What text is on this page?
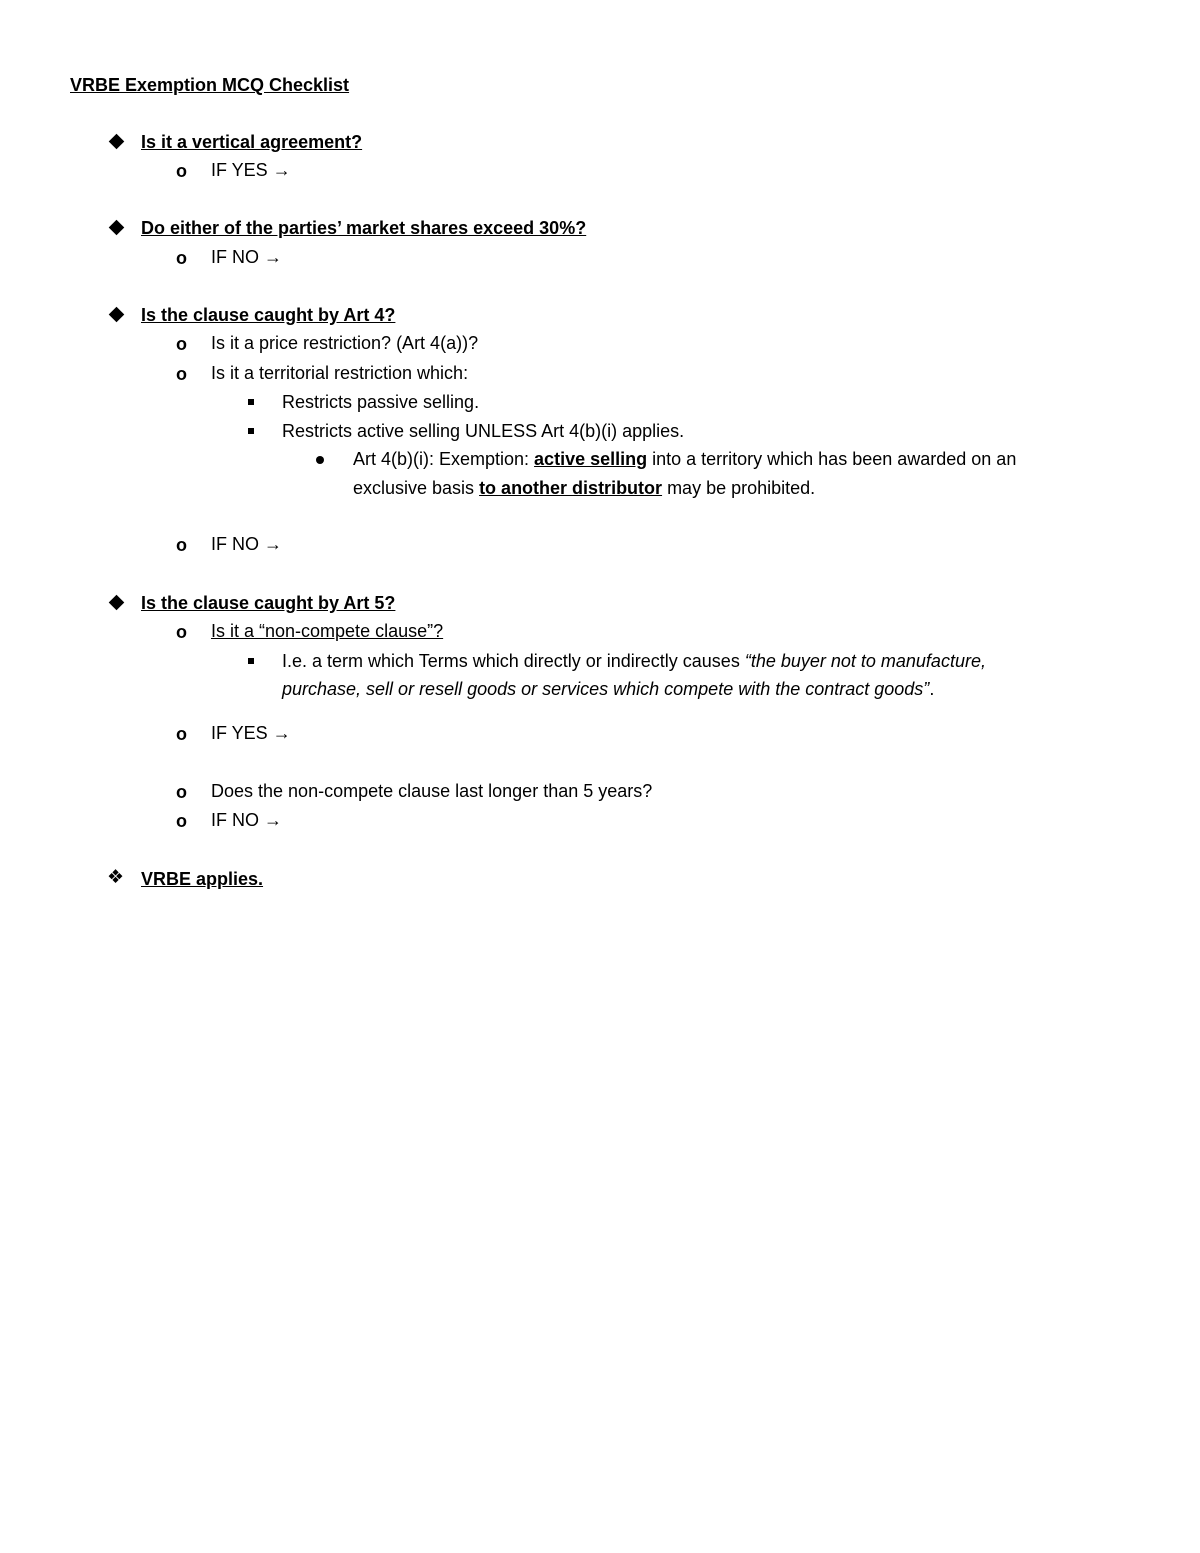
VRBE Exemption MCQ Checklist
Is it a vertical agreement?
o IF YES →
Do either of the parties’ market shares exceed 30%?
o IF NO →
Is the clause caught by Art 4?
o Is it a price restriction? (Art 4(a))?
o Is it a territorial restriction which:
Restricts passive selling.
Restricts active selling UNLESS Art 4(b)(i) applies.
Art 4(b)(i): Exemption: active selling into a territory which has been awarded on an
exclusive basis to another distributor may be prohibited.
o IF NO →
Is the clause caught by Art 5?
o Is it a “non-compete clause”?
I.e. a term which Terms which directly or indirectly causes “the buyer not to manufacture,
purchase, sell or resell goods or services which compete with the contract goods”.
o IF YES →
o Does the non-compete clause last longer than 5 years?
o IF NO →
❖ VRBE applies.
